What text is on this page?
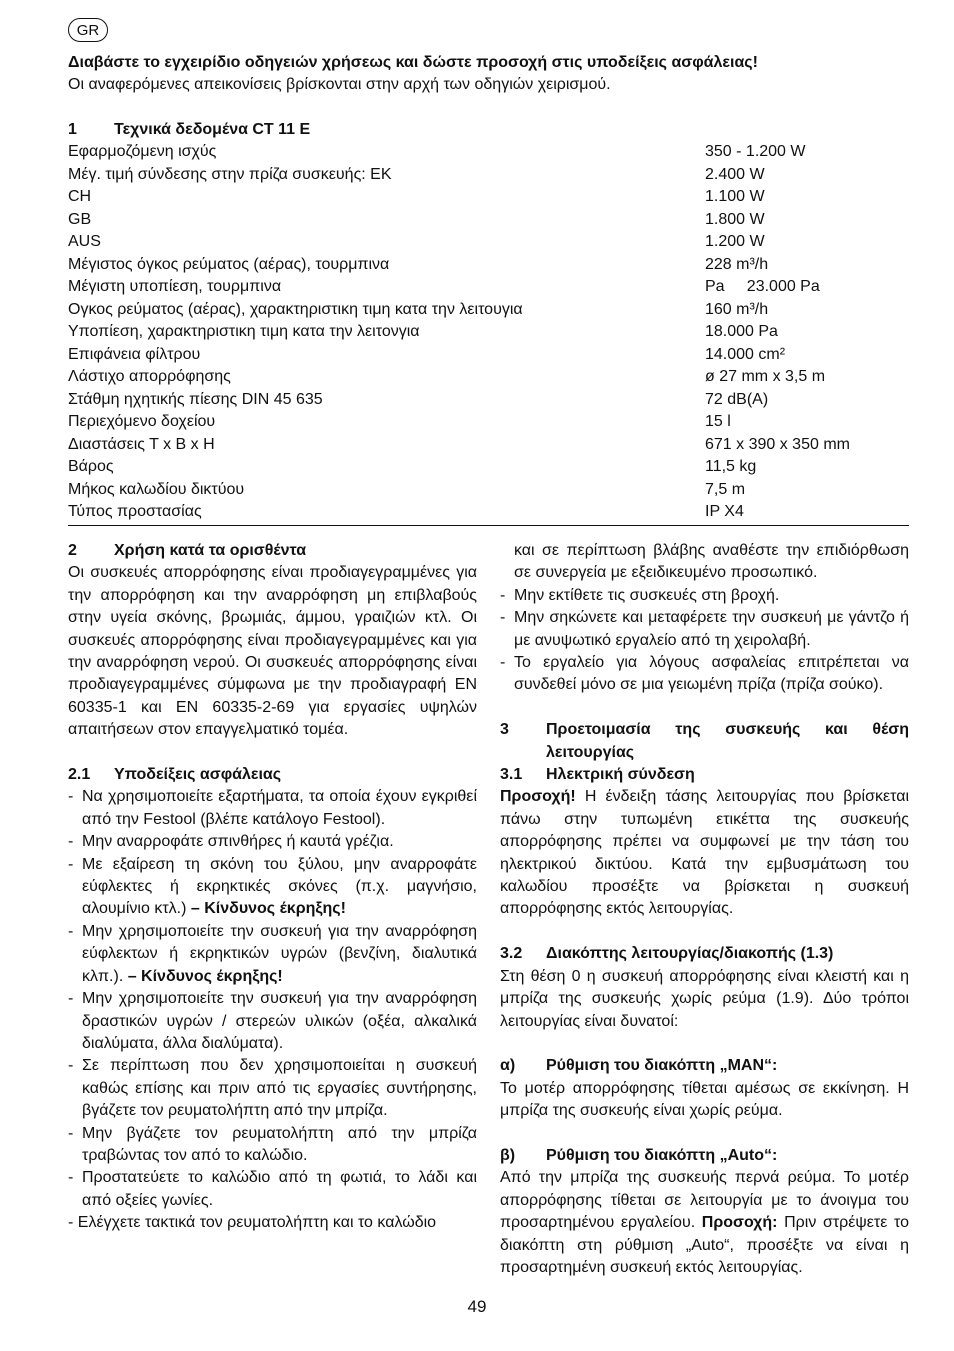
GR

Διαβάστε το εγχειρίδιο οδηγειών χρήσεως και δώστε προσοχή στις υποδείξεις ασφάλειας!

Οι αναφερόμενες απεικονίσεις βρίσκονται στην αρχή των οδηγιών χειρισμού.

1 Τεχνικά δεδομένα CT 11 E
Εφαρμοζόμενη ισχύς	350 - 1.200 W
Μέγ. τιμή σύνδεσης στην πρίζα συσκευής: EK	2.400 W
CH	1.100 W
GB	1.800 W
AUS	1.200 W
Μέγιστος όγκος ρεύματος (αέρας), τουρμπινα	228 m³/h
Μέγιστη υποπίεση, τουρμπινα	Pa     23.000 Pa
Ογκος ρεύματος (αέρας), χαρακτηριστικη τιμη κατα την λειτουγια	160 m³/h
Υποπίεση, χαρακτηριστικη τιμη κατα την λειτονγια	18.000 Pa
Επιφάνεια φίλτρου	14.000 cm²
Λάστιχο απορρόφησης	ø 27 mm x 3,5 m
Στάθμη ηχητικής πίεσης DIN 45 635	72 dB(A)
Περιεχόμενο δοχείου	15 l
Διαστάσεις Τ x B x H	671 x 390 x 350 mm
Βάρος	11,5 kg
Μήκος καλωδίου δικτύου	7,5 m
Τύπος προστασίας	IP X4
2 Χρήση κατά τα ορισθέντα

Οι συσκευές απορρόφησης είναι προδιαγεγραμμένες για την απορρόφηση και την αναρρόφηση μη επιβλαβούς στην υγεία σκόνης, βρωμιάς, άμμου, γραιζιών κτλ. Οι συσκευές απορρόφησης είναι προδιαγεγραμμένες και για την αναρρόφηση νερού. Οι συσκευές απορρόφησης είναι προδιαγεγραμμένες σύμφωνα με την προδιαγραφή EN 60335-1 και EN 60335-2-69 για εργασίες υψηλών απαιτήσεων στον επαγγελματικό τομέα.

2.1 Υποδείξεις ασφάλειας
- Να χρησιμοποιείτε εξαρτήματα, τα οποία έχουν εγκριθεί από την Festool (βλέπε κατάλογο Festool).
- Μην αναρροφάτε σπινθήρες ή καυτά γρέζια.
- Με εξαίρεση τη σκόνη του ξύλου, μην αναρροφάτε εύφλεκτες ή εκρηκτικές σκόνες (π.χ. μαγνήσιο, αλουμίνιο κτλ.) – Κίνδυνος έκρηξης!
- Μην χρησιμοποιείτε την συσκευή για την αναρρόφηση εύφλεκτων ή εκρηκτικών υγρών (βενζίνη, διαλυτικά κλπ.). – Κίνδυνος έκρηξης!
- Μην χρησιμοποιείτε την συσκευή για την αναρρόφηση δραστικών υγρών / στερεών υλικών (οξέα, αλκαλικά διαλύματα, άλλα διαλύματα).
- Σε περίπτωση που δεν χρησιμοποιείται η συσκευή καθώς επίσης και πριν από τις εργασίες συντήρησης, βγάζετε τον ρευματολήπτη από την μπρίζα.
- Μην βγάζετε τον ρευματολήπτη από την μπρίζα τραβώντας τον από το καλώδιο.
- Προστατεύετε το καλώδιο από τη φωτιά, το λάδι και από οξείες γωνίες.

- Ελέγχετε τακτικά τον ρευματολήπτη και το καλώδιο

και σε περίπτωση βλάβης αναθέστε την επιδιόρθωση σε συνεργεία με εξειδικευμένο προσωπικό.

- Μην εκτίθετε τις συσκευές στη βροχή.
- Μην σηκώνετε και μεταφέρετε την συσκευή με γάντζο ή με ανυψωτικό εργαλείο από τη χειρολαβή.
- Το εργαλείο για λόγους ασφαλείας επιτρέπεται να συνδεθεί μόνο σε μια γειωμένη πρίζα (πρίζα σούκο).
3	Προετοιμασία της συσκευής και θέση λειτουργίας
3.1 Ηλεκτρική σύνδεση

Προσοχή! Η ένδειξη τάσης λειτουργίας που βρίσκεται πάνω στην τυπωμένη ετικέττα της συσκευής απορρόφησης πρέπει να συμφωνεί με την τάση του ηλεκτρικού δικτύου. Κατά την εμβυσμάτωση του καλωδίου προσέξτε να βρίσκεται η συσκευή απορρόφησης εκτός λειτουργίας.

3.2 Διακόπτης λειτουργίας/διακοπής (1.3)

Στη θέση 0 η συσκευή απορρόφησης είναι κλειστή και η μπρίζα της συσκευής χωρίς ρεύμα (1.9). Δύο τρόποι λειτουργίας είναι δυνατοί:

α) Ρύθμιση του διακόπτη „MAN“:

Το μοτέρ απορρόφησης τίθεται αμέσως σε εκκίνηση. Η μπρίζα της συσκευής είναι χωρίς ρεύμα.

β) Ρύθμιση του διακόπτη „Auto“:

Από την μπρίζα της συσκευής περνά ρεύμα. Το μοτέρ απορρόφησης τίθεται σε λειτουργία με το άνοιγμα του προσαρτημένου εργαλείου. Προσοχή: Πριν στρέψετε το διακόπτη στη ρύθμιση „Auto“, προσέξτε να είναι η προσαρτημένη συσκευή εκτός λειτουργίας.

49
